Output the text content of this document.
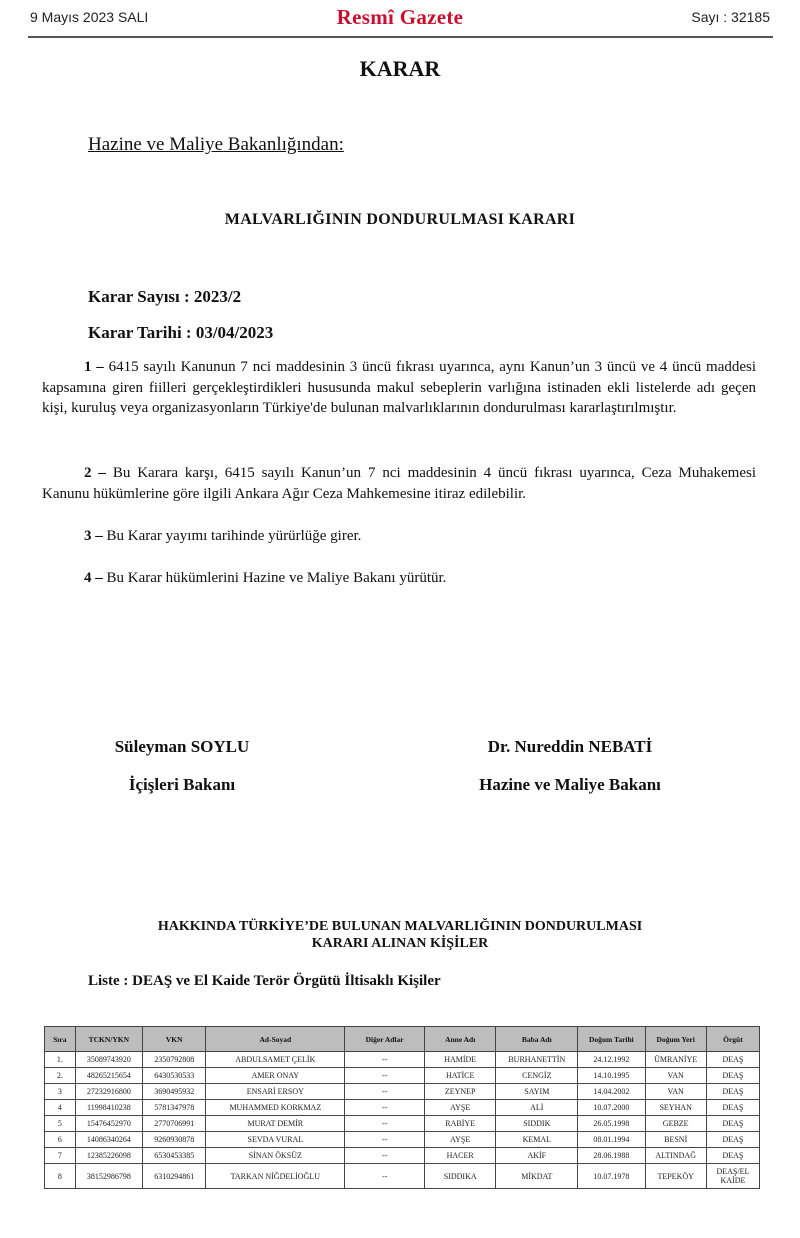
9 Mayıs 2023 SALI	Resmî Gazete	Sayı : 32185
KARAR
Hazine ve Maliye Bakanlığından:
MALVARLIĞININ DONDURULMASI KARARI
Karar Sayısı : 2023/2
Karar Tarihi : 03/04/2023
1 – 6415 sayılı Kanunun 7 nci maddesinin 3 üncü fıkrası uyarınca, aynı Kanun’un 3 üncü ve 4 üncü maddesi kapsamına giren fiilleri gerçekleştirdikleri hususunda makul sebeplerin varlığına istinaden ekli listelerde adı geçen kişi, kuruluş veya organizasyonların Türkiye'de bulunan malvarlıklarının dondurulması kararlaştırılmıştır.
2 – Bu Karara karşı, 6415 sayılı Kanun’un 7 nci maddesinin 4 üncü fıkrası uyarınca, Ceza Muhakemesi Kanunu hükümlerine göre ilgili Ankara Ağır Ceza Mahkemesine itiraz edilebilir.
3 – Bu Karar yayımı tarihinde yürürlüğe girer.
4 – Bu Karar hükümlerini Hazine ve Maliye Bakanı yürütür.
Süleyman SOYLU
İçişleri Bakanı
Dr. Nureddin NEBATİ
Hazine ve Maliye Bakanı
HAKKINDA TÜRKİYE’DE BULUNAN MALVARLIĞININ DONDURULMASI
KARARI ALINAN KİŞİLER
Liste : DEAŞ ve El Kaide Terör Örgütü İltisaklı Kişiler
Sıra	TCKN/YKN	VKN	Ad-Soyad	Diğer Adlar	Anne Adı	Baba Adı	Doğum Tarihi	Doğum Yeri	Örgüt
1.	35089743920	2350792808	ABDULSAMET ÇELİK	--	HAMİDE	BURHANETTİN	24.12.1992	ÜMRANİYE	DEAŞ
2.	48265215654	6430530533	AMER ONAY	--	HATİCE	CENGİZ	14.10.1995	VAN	DEAŞ
3	27232916800	3690495932	ENSARİ ERSOY	--	ZEYNEP	SAYIM	14.04.2002	VAN	DEAŞ
4	11998410238	5781347978	MUHAMMED KORKMAZ	--	AYŞE	ALİ	10.07.2000	SEYHAN	DEAŞ
5	15476452970	2770706991	MURAT DEMİR	--	RABİYE	SIDDIK	26.05.1998	GEBZE	DEAŞ
6	14086340264	9260930878	SEVDA VURAL	--	AYŞE	KEMAL	08.01.1994	BESNİ	DEAŞ
7	12385226098	6530453385	SİNAN ÖKSÜZ	--	HACER	AKİF	28.06.1988	ALTINDAĞ	DEAŞ
8	38152986798	6310294861	TARKAN NİĞDELİOĞLU	--	SIDDIKA	MİKDAT	10.07.1978	TEPEKÖY	DEAŞ/EL KAİDE
